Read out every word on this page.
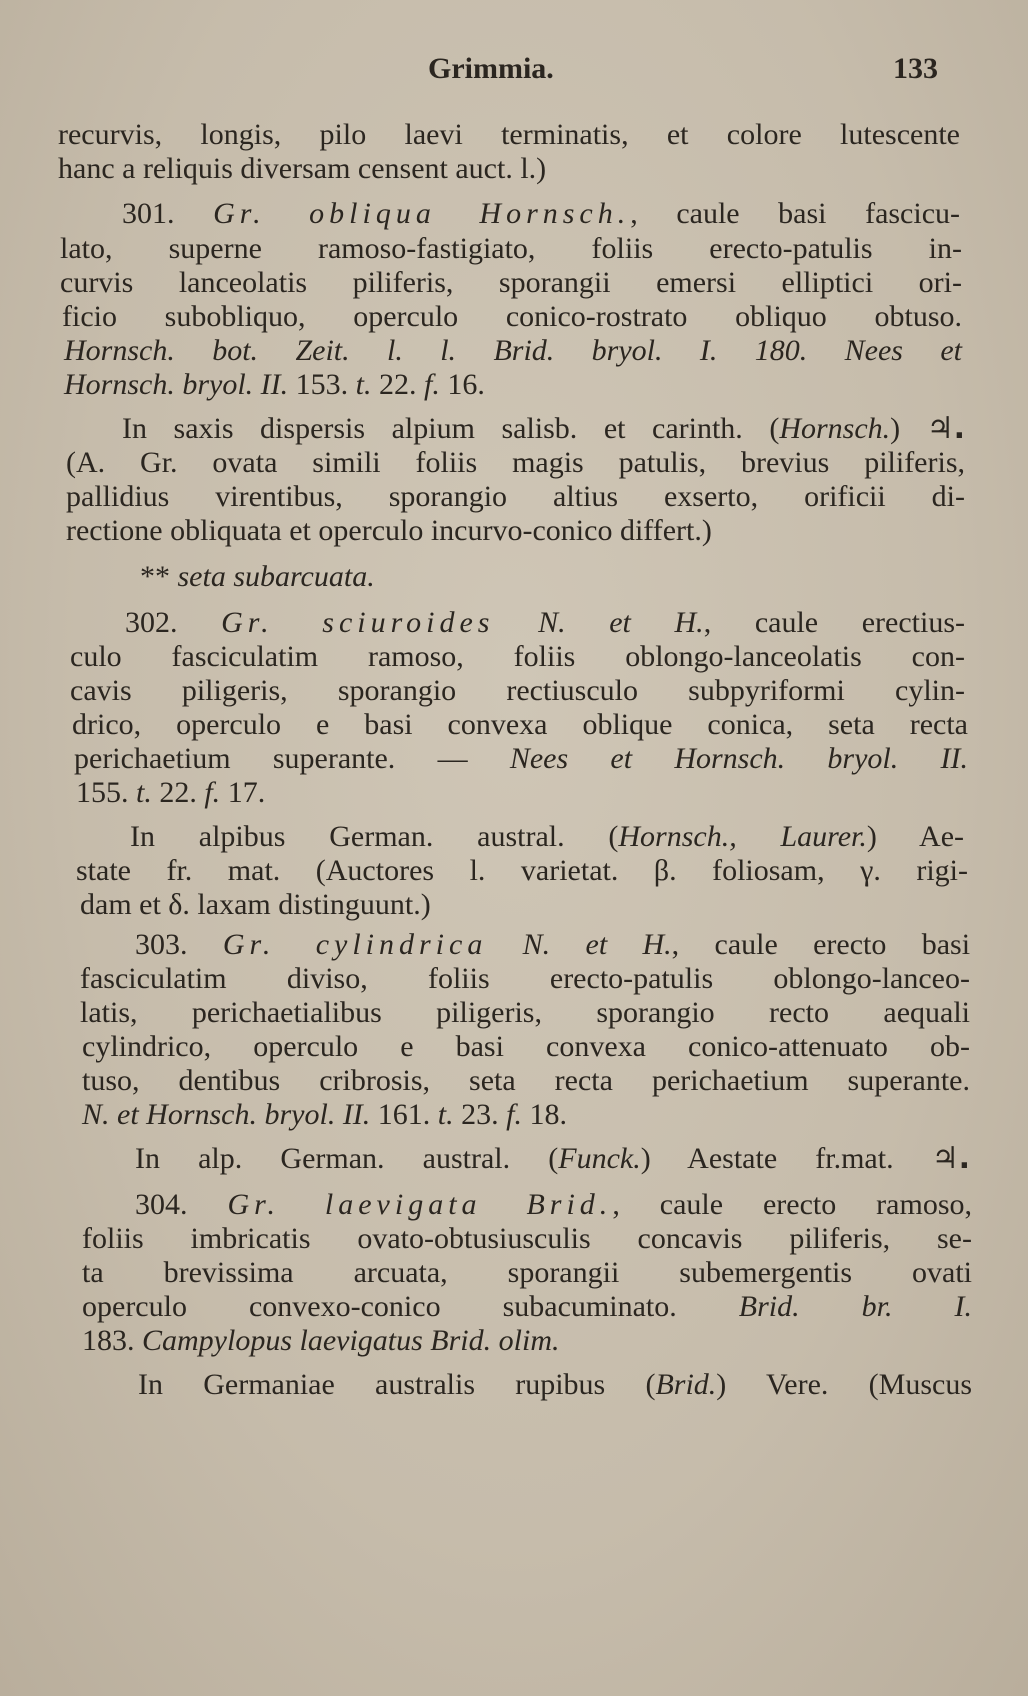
Grimmia.	133
recurvis, longis, pilo laevi terminatis, et colore lutescente
hanc a reliquis diversam censent auct. l.)
301. Gr. obliqua Hornsch., caule basi fascicu-
lato, superne ramoso-fastigiato, foliis erecto-patulis in-
curvis lanceolatis piliferis, sporangii emersi elliptici ori-
ficio subobliquo, operculo conico-rostrato obliquo obtuso.
Hornsch. bot. Zeit. l. l. Brid. bryol. I. 180. Nees et
Hornsch. bryol. II. 153. t. 22. f. 16.
In saxis dispersis alpium salisb. et carinth. (Hornsch.) ♃.
(A. Gr. ovata simili foliis magis patulis, brevius piliferis,
pallidius virentibus, sporangio altius exserto, orificii di-
rectione obliquata et operculo incurvo-conico differt.)
** seta subarcuata.
302. Gr. sciuroides N. et H., caule erectius-
culo fasciculatim ramoso, foliis oblongo-lanceolatis con-
cavis piligeris, sporangio rectiusculo subpyriformi cylin-
drico, operculo e basi convexa oblique conica, seta recta
perichaetium superante. — Nees et Hornsch. bryol. II.
155. t. 22. f. 17.
In alpibus German. austral. (Hornsch., Laurer.) Ae-
state fr. mat. (Auctores l. varietat. β. foliosam, γ. rigi-
dam et δ. laxam distinguunt.)
303. Gr. cylindrica N. et H., caule erecto basi
fasciculatim diviso, foliis erecto-patulis oblongo-lanceo-
latis, perichaetialibus piligeris, sporangio recto aequali
cylindrico, operculo e basi convexa conico-attenuato ob-
tuso, dentibus cribrosis, seta recta perichaetium superante.
N. et Hornsch. bryol. II. 161. t. 23. f. 18.
In alp. German. austral. (Funck.) Aestate fr.mat. ♃.
304. Gr. laevigata Brid., caule erecto ramoso,
foliis imbricatis ovato-obtusiusculis concavis piliferis, se-
ta brevissima arcuata, sporangii subemergentis ovati
operculo convexo-conico subacuminato. Brid. br. I.
183. Campylopus laevigatus Brid. olim.
In Germaniae australis rupibus (Brid.) Vere. (Muscus
